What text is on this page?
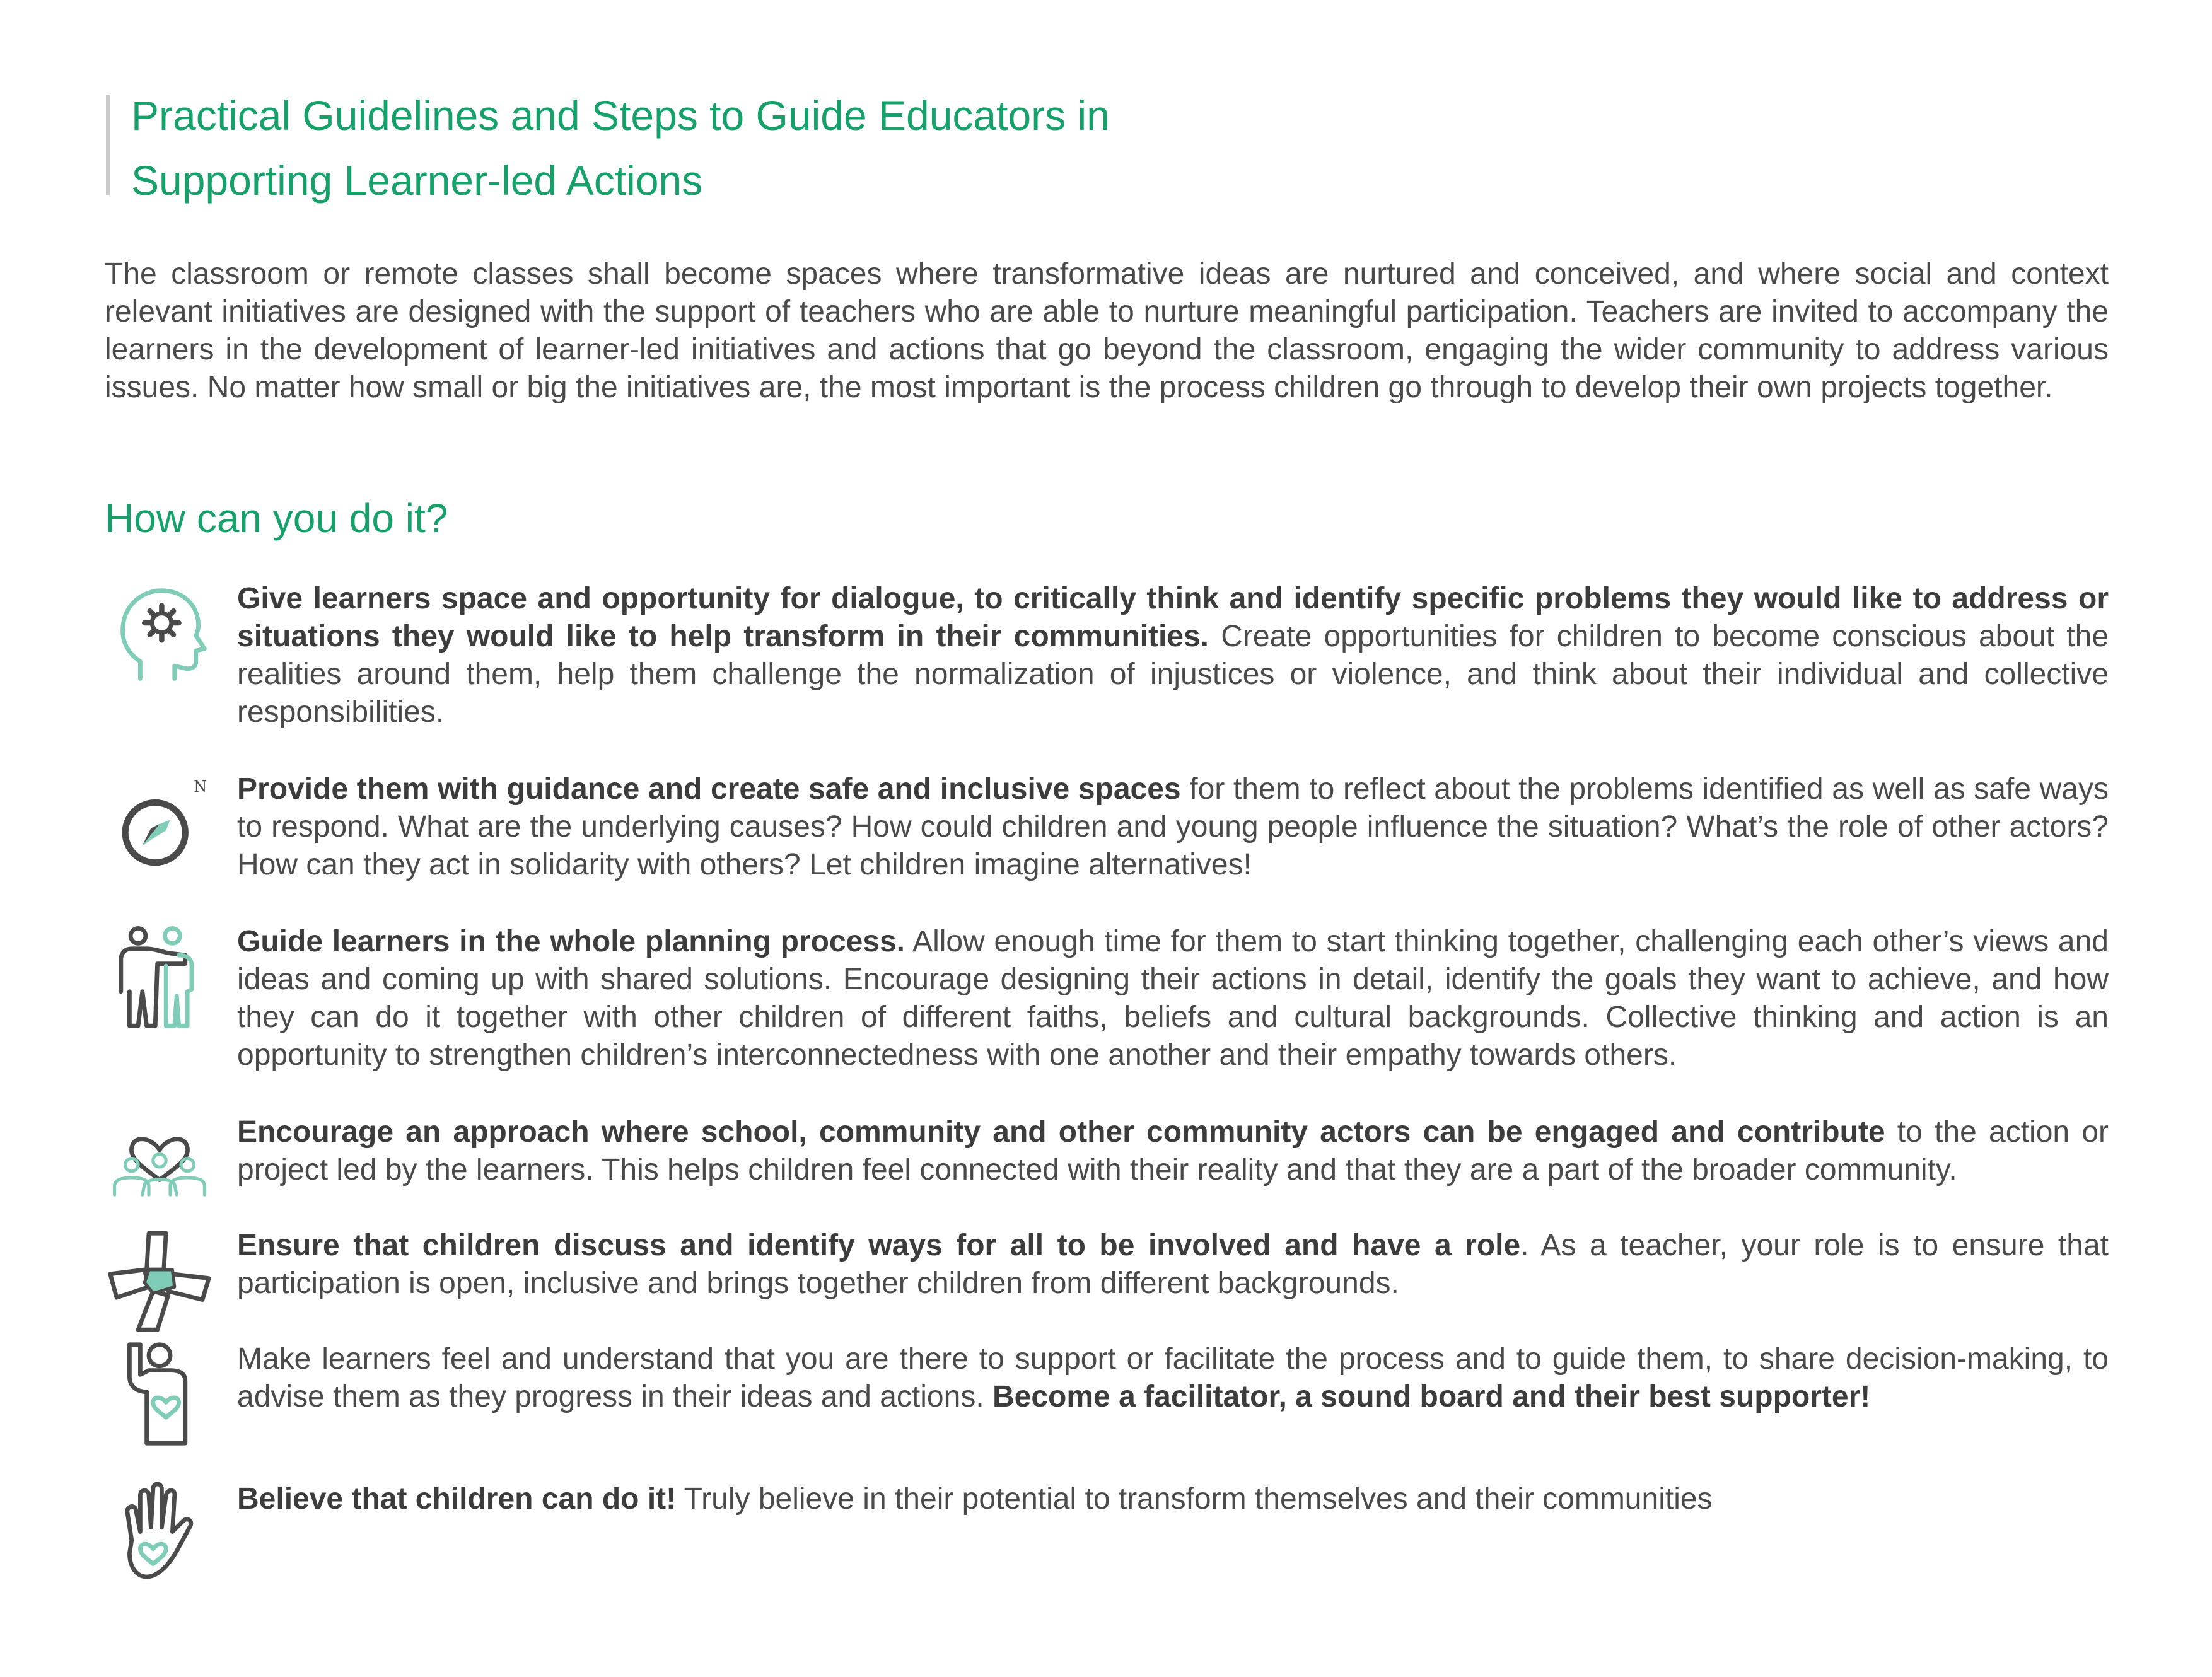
Practical Guidelines and Steps to Guide Educators in
Supporting Learner-led Actions

The classroom or remote classes shall become spaces where transformative ideas are nurtured and conceived, and where social and context relevant initiatives are designed with the support of teachers who are able to nurture meaningful participation. Teachers are invited to accompany the learners in the development of learner-led initiatives and actions that go beyond the classroom, engaging the wider community to address various issues. No matter how small or big the initiatives are, the most important is the process children go through to develop their own projects together.

How can you do it?

Give learners space and opportunity for dialogue, to critically think and identify specific problems they would like to address or situations they would like to help transform in their communities. Create opportunities for children to become conscious about the realities around them, help them challenge the normalization of injustices or violence, and think about their individual and collective responsibilities.

N Provide them with guidance and create safe and inclusive spaces for them to reflect about the problems identified as well as safe ways to respond. What are the underlying causes? How could children and young people influence the situation? What’s the role of other actors? How can they act in solidarity with others? Let children imagine alternatives!

Guide learners in the whole planning process. Allow enough time for them to start thinking together, challenging each other’s views and ideas and coming up with shared solutions. Encourage designing their actions in detail, identify the goals they want to achieve, and how they can do it together with other children of different faiths, beliefs and cultural backgrounds. Collective thinking and action is an opportunity to strengthen children’s interconnectedness with one another and their empathy towards others.

Encourage an approach where school, community and other community actors can be engaged and contribute to the action or project led by the learners. This helps children feel connected with their reality and that they are a part of the broader community.

Ensure that children discuss and identify ways for all to be involved and have a role. As a teacher, your role is to ensure that participation is open, inclusive and brings together children from different backgrounds.

Make learners feel and understand that you are there to support or facilitate the process and to guide them, to share decision-making, to advise them as they progress in their ideas and actions. Become a facilitator, a sound board and their best supporter!

Believe that children can do it! Truly believe in their potential to transform themselves and their communities
